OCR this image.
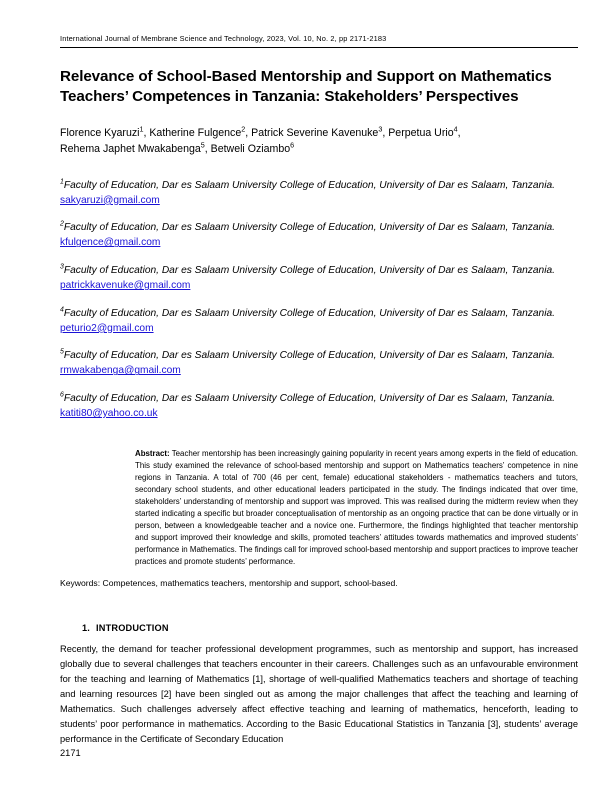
International Journal of Membrane Science and Technology, 2023, Vol. 10, No. 2, pp 2171-2183
Relevance of School-Based Mentorship and Support on Mathematics Teachers’ Competences in Tanzania: Stakeholders’ Perspectives
Florence Kyaruzi$^1$, Katherine Fulgence$^2$, Patrick Severine Kavenuke$^3$, Perpetua Urio$^4$,
Rehema Japhet Mwakabenga$^5$, Betweli Oziambo$^6$
$^1$Faculty of Education, Dar es Salaam University College of Education, University of Dar es Salaam, Tanzania. sakyaruzi@gmail.com
$^2$Faculty of Education, Dar es Salaam University College of Education, University of Dar es Salaam, Tanzania. kfulgence@gmail.com
$^3$Faculty of Education, Dar es Salaam University College of Education, University of Dar es Salaam, Tanzania. patrickkavenuke@gmail.com
$^4$Faculty of Education, Dar es Salaam University College of Education, University of Dar es Salaam, Tanzania. peturio2@gmail.com
$^5$Faculty of Education, Dar es Salaam University College of Education, University of Dar es Salaam, Tanzania. rmwakabenga@gmail.com
$^6$Faculty of Education, Dar es Salaam University College of Education, University of Dar es Salaam, Tanzania. katiti80@yahoo.co.uk

Abstract: Teacher mentorship has been increasingly gaining popularity in recent years among experts in the field of education. This study examined the relevance of school-based mentorship and support on Mathematics teachers’ competence in nine regions in Tanzania. A total of 700 (46 per cent, female) educational stakeholders - mathematics teachers and tutors, secondary school students, and other educational leaders participated in the study. The findings indicated that over time, stakeholders’ understanding of mentorship and support was improved. This was realised during the midterm review when they started indicating a specific but broader conceptualisation of mentorship as an ongoing practice that can be done virtually or in person, between a knowledgeable teacher and a novice one. Furthermore, the findings highlighted that teacher mentorship and support improved their knowledge and skills, promoted teachers’ attitudes towards mathematics and improved students’ performance in Mathematics. The findings call for improved school-based mentorship and support practices to improve teacher practices and promote students’ performance.

Keywords: Competences, mathematics teachers, mentorship and support, school-based.

1. INTRODUCTION

Recently, the demand for teacher professional development programmes, such as mentorship and support, has increased globally due to several challenges that teachers encounter in their careers. Challenges such as an unfavourable environment for the teaching and learning of Mathematics [1], shortage of well-qualified Mathematics teachers and shortage of teaching and learning resources [2] have been singled out as among the major challenges that affect the teaching and learning of Mathematics. Such challenges adversely affect effective teaching and learning of mathematics, henceforth, leading to students’ poor performance in mathematics. According to the Basic Educational Statistics in Tanzania [3], students’ average performance in the Certificate of Secondary Education

2171
